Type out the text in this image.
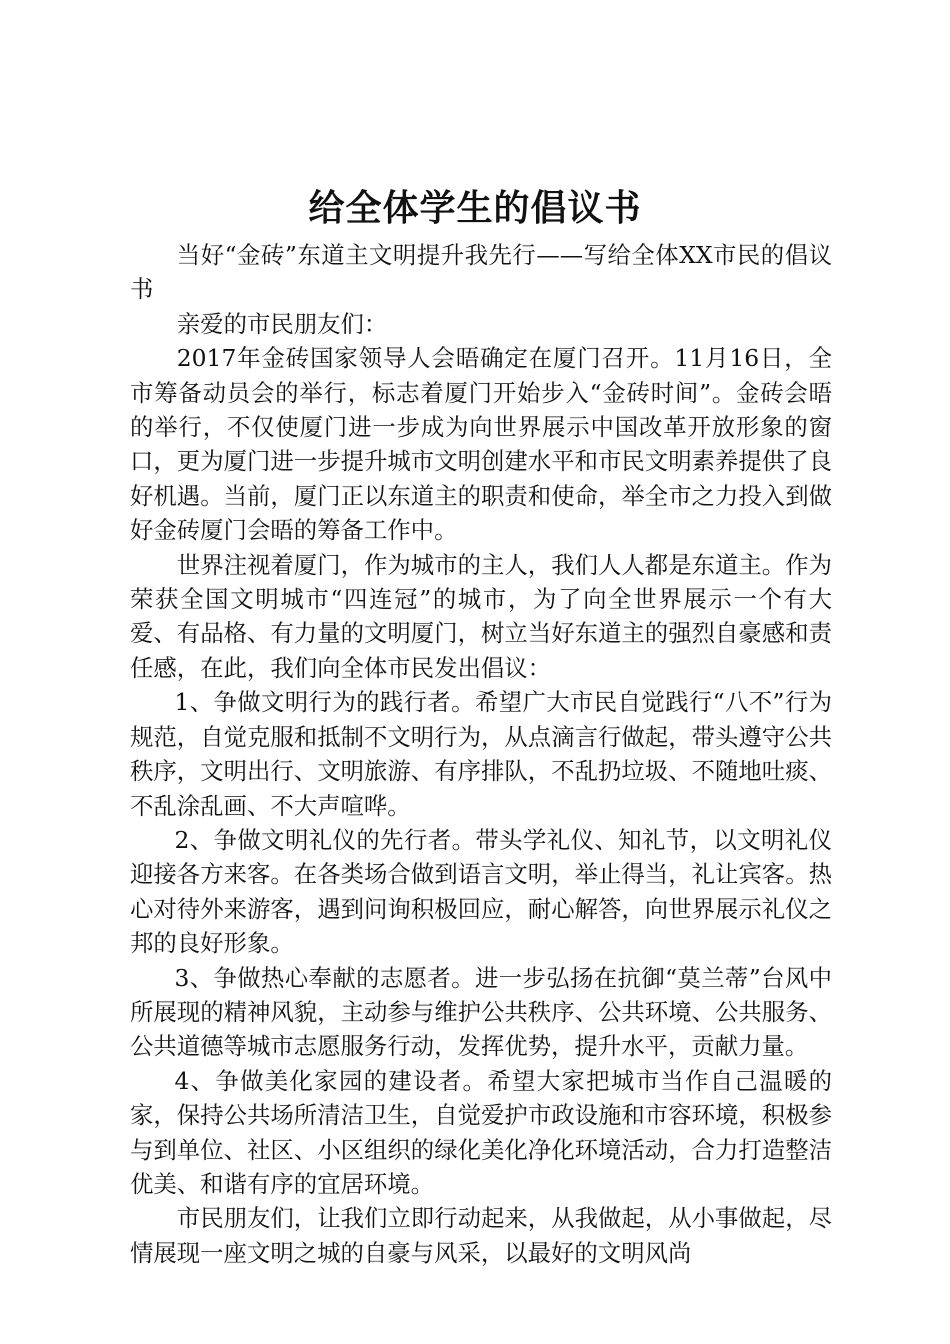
给全体学生的倡议书

当好“金砖”东道主文明提升我先行——写给全体XX市民的倡议书

亲爱的市民朋友们：

2017年金砖国家领导人会晤确定在厦门召开。11月16日，全市筹备动员会的举行，标志着厦门开始步入“金砖时间”。金砖会晤的举行，不仅使厦门进一步成为向世界展示中国改革开放形象的窗口，更为厦门进一步提升城市文明创建水平和市民文明素养提供了良好机遇。当前，厦门正以东道主的职责和使命，举全市之力投入到做好金砖厦门会晤的筹备工作中。

世界注视着厦门，作为城市的主人，我们人人都是东道主。作为荣获全国文明城市“四连冠”的城市，为了向全世界展示一个有大爱、有品格、有力量的文明厦门，树立当好东道主的强烈自豪感和责任感，在此，我们向全体市民发出倡议：

1、争做文明行为的践行者。希望广大市民自觉践行“八不”行为规范，自觉克服和抵制不文明行为，从点滴言行做起，带头遵守公共秩序，文明出行、文明旅游、有序排队，不乱扔垃圾、不随地吐痰、不乱涂乱画、不大声喧哗。

2、争做文明礼仪的先行者。带头学礼仪、知礼节，以文明礼仪迎接各方来客。在各类场合做到语言文明，举止得当，礼让宾客。热心对待外来游客，遇到问询积极回应，耐心解答，向世界展示礼仪之邦的良好形象。

3、争做热心奉献的志愿者。进一步弘扬在抗御“莫兰蒂”台风中所展现的精神风貌，主动参与维护公共秩序、公共环境、公共服务、公共道德等城市志愿服务行动，发挥优势，提升水平，贡献力量。

4、争做美化家园的建设者。希望大家把城市当作自己温暖的家，保持公共场所清洁卫生，自觉爱护市政设施和市容环境，积极参与到单位、社区、小区组织的绿化美化净化环境活动，合力打造整洁优美、和谐有序的宜居环境。

市民朋友们，让我们立即行动起来，从我做起，从小事做起，尽情展现一座文明之城的自豪与风采，以最好的文明风尚
